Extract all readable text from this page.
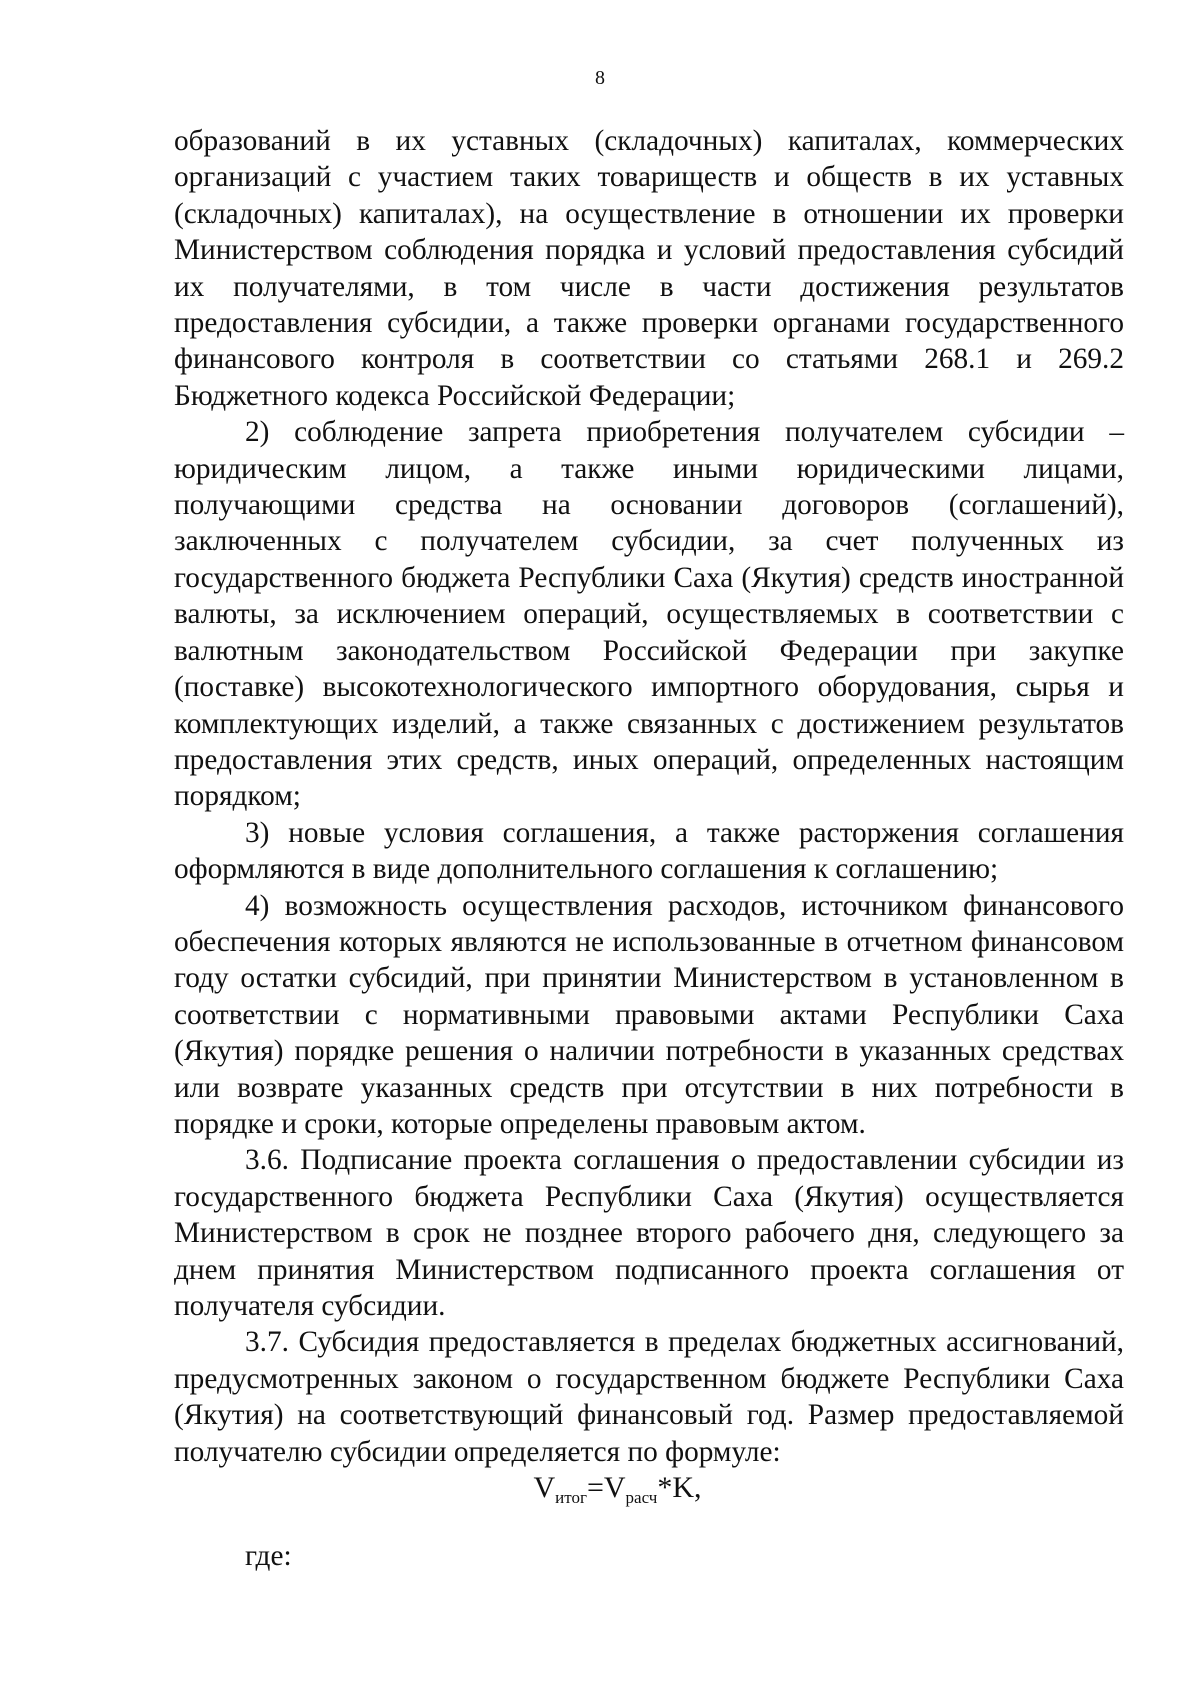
8

образований в их уставных (складочных) капиталах, коммерческих организаций с участием таких товариществ и обществ в их уставных (складочных) капиталах), на осуществление в отношении их проверки Министерством соблюдения порядка и условий предоставления субсидий их получателями, в том числе в части достижения результатов предоставления субсидии, а также проверки органами государственного финансового контроля в соответствии со статьями 268.1 и 269.2 Бюджетного кодекса Российской Федерации;

2) соблюдение запрета приобретения получателем субсидии – юридическим лицом, а также иными юридическими лицами, получающими средства на основании договоров (соглашений), заключенных с получателем субсидии, за счет полученных из государственного бюджета Республики Саха (Якутия) средств иностранной валюты, за исключением операций, осуществляемых в соответствии с валютным законодательством Российской Федерации при закупке (поставке) высокотехнологического импортного оборудования, сырья и комплектующих изделий, а также связанных с достижением результатов предоставления этих средств, иных операций, определенных настоящим порядком;

3) новые условия соглашения, а также расторжения соглашения оформляются в виде дополнительного соглашения к соглашению;

4) возможность осуществления расходов, источником финансового обеспечения которых являются не использованные в отчетном финансовом году остатки субсидий, при принятии Министерством в установленном в соответствии с нормативными правовыми актами Республики Саха (Якутия) порядке решения о наличии потребности в указанных средствах или возврате указанных средств при отсутствии в них потребности в порядке и сроки, которые определены правовым актом.

3.6. Подписание проекта соглашения о предоставлении субсидии из государственного бюджета Республики Саха (Якутия) осуществляется Министерством в срок не позднее второго рабочего дня, следующего за днем принятия Министерством подписанного проекта соглашения от получателя субсидии.

3.7. Субсидия предоставляется в пределах бюджетных ассигнований, предусмотренных законом о государственном бюджете Республики Саха (Якутия) на соответствующий финансовый год. Размер предоставляемой получателю субсидии определяется по формуле:

$V_{итог}=V_{расч}*K$,
где:
